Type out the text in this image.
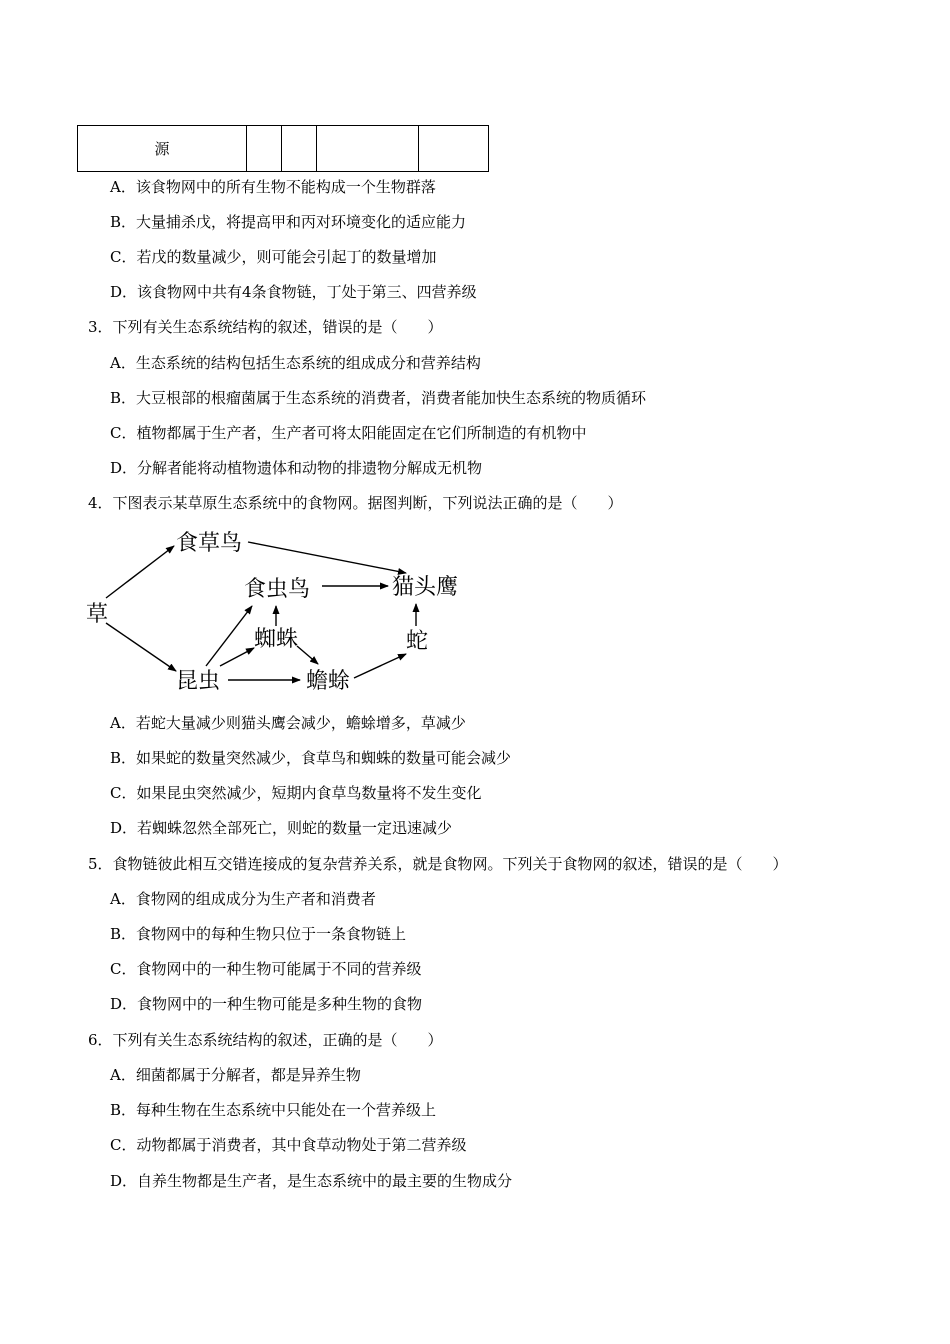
源				
A．该食物网中的所有生物不能构成一个生物群落
B．大量捕杀戊，将提高甲和丙对环境变化的适应能力
C．若戊的数量减少，则可能会引起丁的数量增加
D．该食物网中共有4条食物链，丁处于第三、四营养级
3．下列有关生态系统结构的叙述，错误的是（　　）
A．生态系统的结构包括生态系统的组成成分和营养结构
B．大豆根部的根瘤菌属于生态系统的消费者，消费者能加快生态系统的物质循环
C．植物都属于生产者，生产者可将太阳能固定在它们所制造的有机物中
D．分解者能将动植物遗体和动物的排遗物分解成无机物
4．下图表示某草原生态系统中的食物网。据图判断，下列说法正确的是（　　）
草
食草鸟
食虫鸟	猫头鹰
蜘蛛	蛇
昆虫	蟾蜍
A．若蛇大量减少则猫头鹰会减少，蟾蜍增多，草减少
B．如果蛇的数量突然减少，食草鸟和蜘蛛的数量可能会减少
C．如果昆虫突然减少，短期内食草鸟数量将不发生变化
D．若蜘蛛忽然全部死亡，则蛇的数量一定迅速减少
5．食物链彼此相互交错连接成的复杂营养关系，就是食物网。下列关于食物网的叙述，错误的是（　　）
A．食物网的组成成分为生产者和消费者
B．食物网中的每种生物只位于一条食物链上
C．食物网中的一种生物可能属于不同的营养级
D．食物网中的一种生物可能是多种生物的食物
6．下列有关生态系统结构的叙述，正确的是（　　）
A．细菌都属于分解者，都是异养生物
B．每种生物在生态系统中只能处在一个营养级上
C．动物都属于消费者，其中食草动物处于第二营养级
D．自养生物都是生产者，是生态系统中的最主要的生物成分
